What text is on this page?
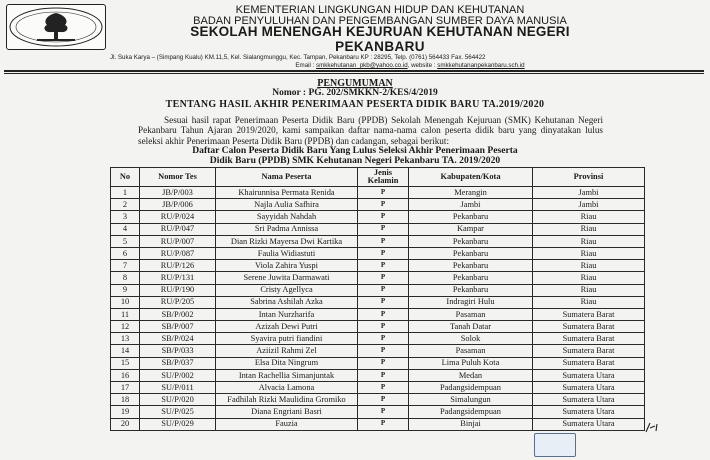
KEMENTERIAN LINGKUNGAN HIDUP DAN KEHUTANAN
BADAN PENYULUHAN DAN PENGEMBANGAN SUMBER DAYA MANUSIA
SEKOLAH MENENGAH KEJURUAN KEHUTANAN NEGERI
PEKANBARU
Jl. Suka Karya – (Simpang Kualu) KM.11,5, Kel. Sialangmunggu, Kec. Tampan, Pekanbaru KP : 28295, Telp. (0761) 564433 Fax. 564422
Email : smkkehutanan_pkb@yahoo.co.id, website : smkkehutananpekanbaru.sch.id
PENGUMUMAN
Nomor : PG. 202/SMKKN-2/KES/4/2019
TENTANG HASIL AKHIR PENERIMAAN PESERTA DIDIK BARU TA.2019/2020
Sesuai hasil rapat Penerimaan Peserta Didik Baru (PPDB) Sekolah Menengah Kejuruan (SMK) Kehutanan Negeri Pekanbaru Tahun Ajaran 2019/2020, kami sampaikan daftar nama-nama calon peserta didik baru yang dinyatakan lulus seleksi akhir Penerimaan Peserta Didik Baru (PPDB) dan cadangan, sebagai berikut:
Daftar Calon Peserta Didik Baru Yang Lulus Seleksi Akhir Penerimaan Peserta
Didik Baru (PPDB) SMK Kehutanan Negeri Pekanbaru TA. 2019/2020
No	Nomor Tes	Nama Peserta	Jenis Kelamin	Kabupaten/Kota	Provinsi
1	JB/P/003	Khairunnisa Permata Renida	P	Merangin	Jambi
2	JB/P/006	Najla Aulia Safhira	P	Jambi	Jambi
3	RU/P/024	Sayyidah Nahdah	P	Pekanbaru	Riau
4	RU/P/047	Sri Padma Annissa	P	Kampar	Riau
5	RU/P/007	Dian Rizki Mayersa Dwi Kartika	P	Pekanbaru	Riau
6	RU/P/087	Faulia Widiastuti	P	Pekanbaru	Riau
7	RU/P/126	Viola Zahira Yuspi	P	Pekanbaru	Riau
8	RU/P/131	Serene Juwita Darmawati	P	Pekanbaru	Riau
9	RU/P/190	Cristy Agellyca	P	Pekanbaru	Riau
10	RU/P/205	Sabrina Ashilah Azka	P	Indragiri Hulu	Riau
11	SB/P/002	Intan Nurzharifa	P	Pasaman	Sumatera Barat
12	SB/P/007	Azizah Dewi Putri	P	Tanah Datar	Sumatera Barat
13	SB/P/024	Syavira putri fiandini	P	Solok	Sumatera Barat
14	SB/P/033	Aziizil Rahmi Zel	P	Pasaman	Sumatera Barat
15	SB/P/037	Elsa Dita Ningrum	P	Lima Puluh Kota	Sumatera Barat
16	SU/P/002	Intan Rachellia Simanjuntak	P	Medan	Sumatera Utara
17	SU/P/011	Alvacia Lamona	P	Padangsidempuan	Sumatera Utara
18	SU/P/020	Fadhilah Rizki Maulidina Gromiko	P	Simalungun	Sumatera Utara
19	SU/P/025	Diana Engriani Basri	P	Padangsidempuan	Sumatera Utara
20	SU/P/029	Fauzia	P	Binjai	Sumatera Utara
